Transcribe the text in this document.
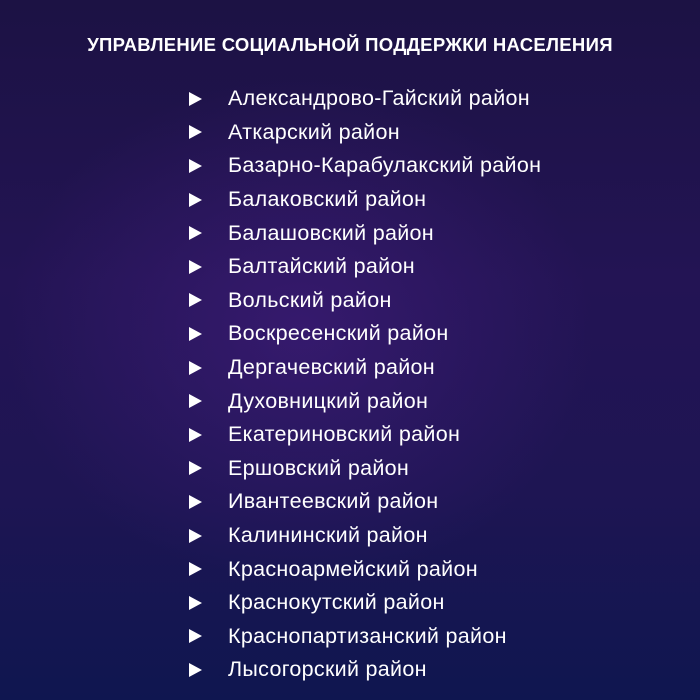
УПРАВЛЕНИЕ СОЦИАЛЬНОЙ ПОДДЕРЖКИ НАСЕЛЕНИЯ
Александрово-Гайский район
Аткарский район
Базарно-Карабулакский район
Балаковский район
Балашовский район
Балтайский район
Вольский район
Воскресенский район
Дергачевский район
Духовницкий район
Екатериновский район
Ершовский район
Ивантеевский район
Калининский район
Красноармейский район
Краснокутский район
Краснопартизанский район
Лысогорский район
